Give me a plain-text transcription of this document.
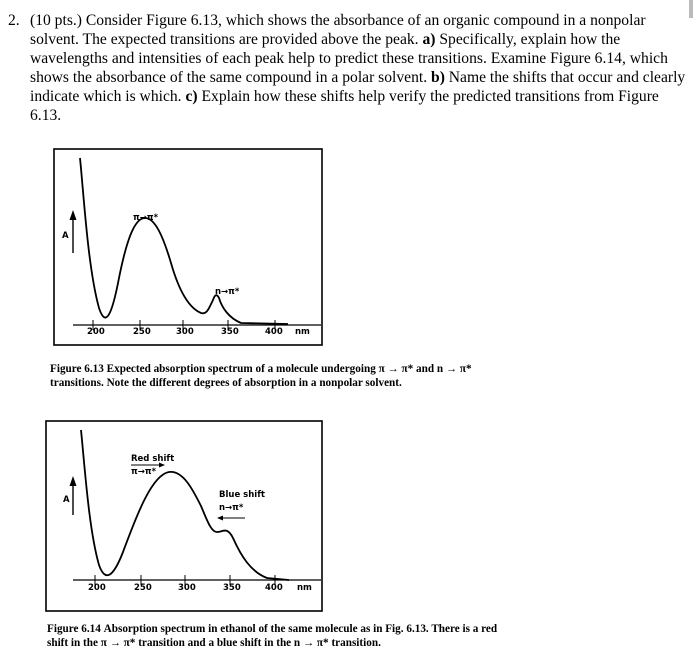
2. (10 pts.) Consider Figure 6.13, which shows the absorbance of an organic compound in a nonpolar solvent. The expected transitions are provided above the peak. a) Specifically, explain how the wavelengths and intensities of each peak help to predict these transitions. Examine Figure 6.14, which shows the absorbance of the same compound in a polar solvent. b) Name the shifts that occur and clearly indicate which is which. c) Explain how these shifts help verify the predicted transitions from Figure 6.13.
A
200	250	300	350	400 nm
π→π*
n→π*
Figure 6.13 Expected absorption spectrum of a molecule undergoing π → π* and n → π* transitions. Note the different degrees of absorption in a nonpolar solvent.
A
200	250	300	350	400 nm
Red shift
π→π*
Blue shift
n→π*
Figure 6.14 Absorption spectrum in ethanol of the same molecule as in Fig. 6.13. There is a red shift in the π → π* transition and a blue shift in the n → π* transition.
